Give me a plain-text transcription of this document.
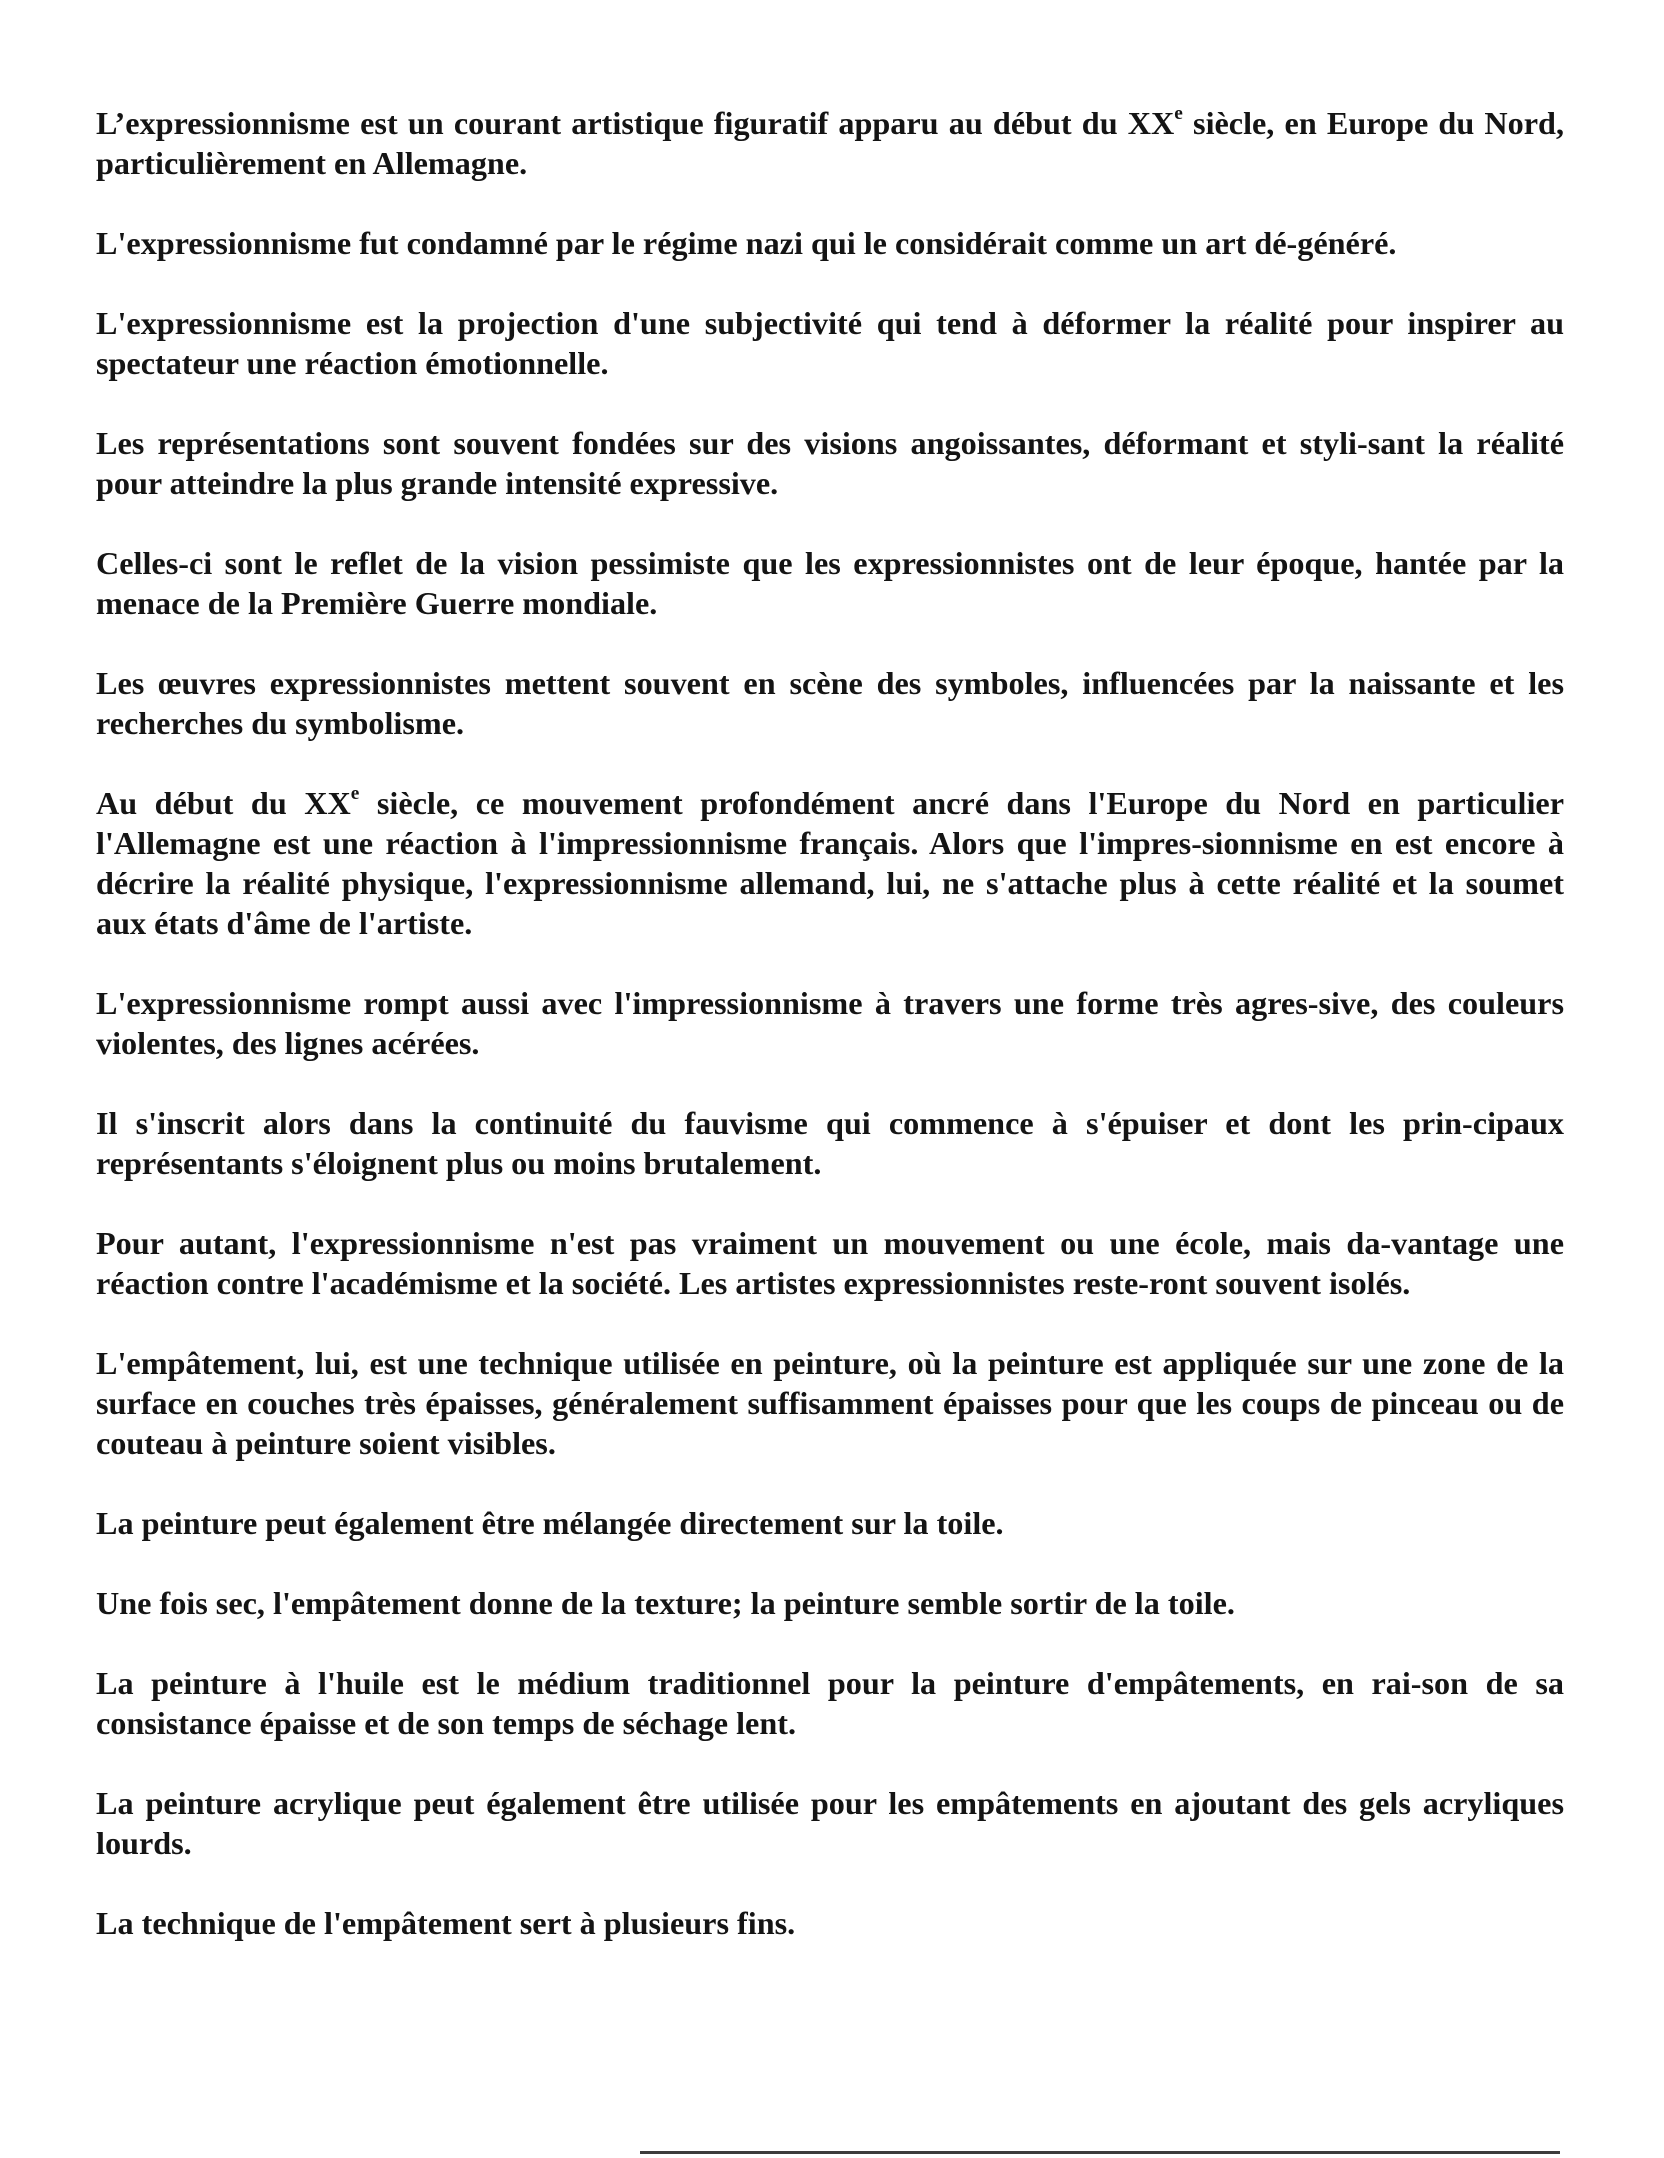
L’expressionnisme est un courant artistique figuratif apparu au début du XXe siècle, en Europe du Nord, particulièrement en Allemagne.

L'expressionnisme fut condamné par le régime nazi qui le considérait comme un art dé-généré.

L'expressionnisme est la projection d'une subjectivité qui tend à déformer la réalité pour inspirer au spectateur une réaction émotionnelle.

Les représentations sont souvent fondées sur des visions angoissantes, déformant et styli-sant la réalité pour atteindre la plus grande intensité expressive.

Celles-ci sont le reflet de la vision pessimiste que les expressionnistes ont de leur époque, hantée par la menace de la Première Guerre mondiale.

Les œuvres expressionnistes mettent souvent en scène des symboles, influencées par la naissante et les recherches du symbolisme.

Au début du XXe siècle, ce mouvement profondément ancré dans l'Europe du Nord en particulier l'Allemagne est une réaction à l'impressionnisme français. Alors que l'impres-sionnisme en est encore à décrire la réalité physique, l'expressionnisme allemand, lui, ne s'attache plus à cette réalité et la soumet aux états d'âme de l'artiste.

L'expressionnisme rompt aussi avec l'impressionnisme à travers une forme très agres-sive, des couleurs violentes, des lignes acérées.

Il s'inscrit alors dans la continuité du fauvisme qui commence à s'épuiser et dont les prin-cipaux représentants s'éloignent plus ou moins brutalement.

Pour autant, l'expressionnisme n'est pas vraiment un mouvement ou une école, mais da-vantage une réaction contre l'académisme et la société. Les artistes expressionnistes reste-ront souvent isolés.

L'empâtement, lui, est une technique utilisée en peinture, où la peinture est appliquée sur une zone de la surface en couches très épaisses, généralement suffisamment épaisses pour que les coups de pinceau ou de couteau à peinture soient visibles.

La peinture peut également être mélangée directement sur la toile.

Une fois sec, l'empâtement donne de la texture; la peinture semble sortir de la toile.

La peinture à l'huile est le médium traditionnel pour la peinture d'empâtements, en rai-son de sa consistance épaisse et de son temps de séchage lent.

La peinture acrylique peut également être utilisée pour les empâtements en ajoutant des gels acryliques lourds.

La technique de l'empâtement sert à plusieurs fins.
